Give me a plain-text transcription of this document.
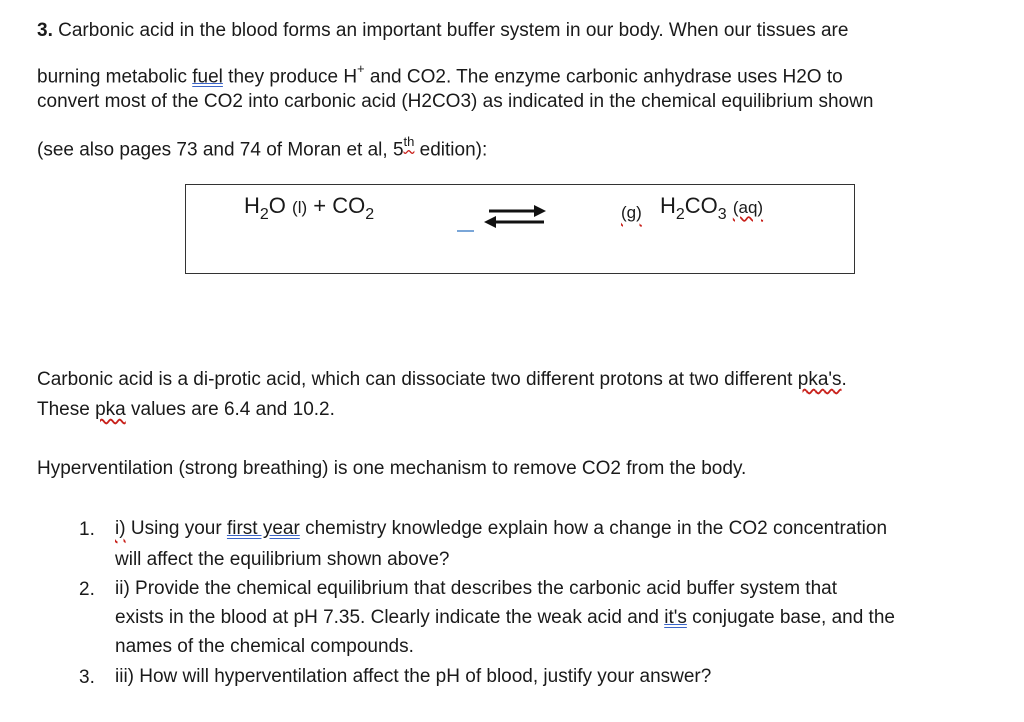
3. Carbonic acid in the blood forms an important buffer system in our body. When our tissues are
burning metabolic fuel they produce H+ and CO2. The enzyme carbonic anhydrase uses H2O to
convert most of the CO2 into carbonic acid (H2CO3) as indicated in the chemical equilibrium shown
(see also pages 73 and 74 of Moran et al, 5th edition):
$H_2O$ $(l) + CO_2$	(g) $H_2CO_3$ (aq)
Carbonic acid is a di-protic acid, which can dissociate two different protons at two different pka's.
These pka values are 6.4 and 10.2.
Hyperventilation (strong breathing) is one mechanism to remove CO2 from the body.
1. i) Using your first year chemistry knowledge explain how a change in the CO2 concentration
will affect the equilibrium shown above?
2. ii) Provide the chemical equilibrium that describes the carbonic acid buffer system that
exists in the blood at pH 7.35. Clearly indicate the weak acid and it's conjugate base, and the
names of the chemical compounds.
3. iii) How will hyperventilation affect the pH of blood, justify your answer?
